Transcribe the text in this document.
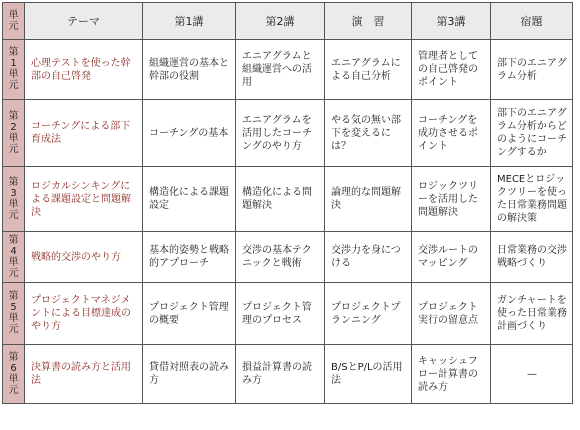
単元	テーマ	第1講	第2講	演　習	第3講	宿題
第1単元	心理テストを使った幹部の自己啓発	組織運営の基本と幹部の役割	エニアグラムと組織運営への活用	エニアグラムによる自己分析	管理者としての自己啓発のポイント	部下のエニアグラム分析

第2単元	コーチングによる部下育成法	コーチングの基本	エニアグラムを活用したコーチングのやり方	やる気の無い部下を変えるには？	コーチングを成功させるポイント	部下のエニアグラム分析からどのようにコーチングするか

第3単元	ロジカルシンキングによる課題設定と問題解決	構造化による課題設定	構造化による問題解決	論理的な問題解決	ロジックツリーを活用した問題解決	MECEとロジックツリーを使った日常業務問題の解決策

第4単元	戦略的交渉のやり方	基本的姿勢と戦略的アプローチ	交渉の基本テクニックと戦術	交渉力を身につける	交渉ルートのマッピング	日常業務の交渉戦略づくり

第5単元	プロジェクトマネジメントによる目標達成のやり方	プロジェクト管理の概要	プロジェクト管理のプロセス	プロジェクトプランニング	プロジェクト実行の留意点	ガンチャートを使った日常業務計画づくり

第6単元	決算書の読み方と活用法	貸借対照表の読み方	損益計算書の読み方	B/SとP/Lの活用法	キャッシュフロー計算書の読み方	—
